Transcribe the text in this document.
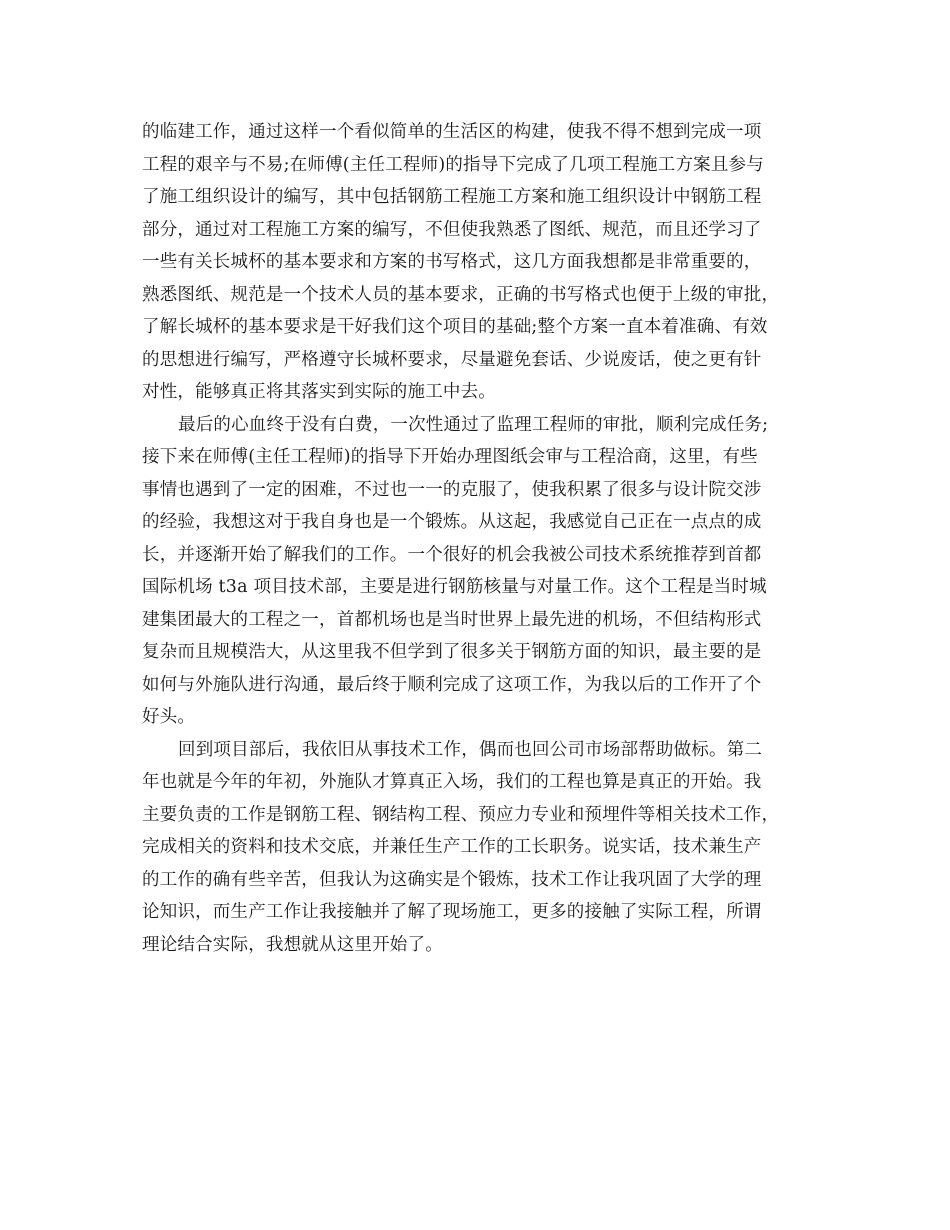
的临建工作，通过这样一个看似简单的生活区的构建，使我不得不想到完成一项
工程的艰辛与不易;在师傅(主任工程师)的指导下完成了几项工程施工方案且参与
了施工组织设计的编写，其中包括钢筋工程施工方案和施工组织设计中钢筋工程
部分，通过对工程施工方案的编写，不但使我熟悉了图纸、规范，而且还学习了
一些有关长城杯的基本要求和方案的书写格式，这几方面我想都是非常重要的，
熟悉图纸、规范是一个技术人员的基本要求，正确的书写格式也便于上级的审批，
了解长城杯的基本要求是干好我们这个项目的基础;整个方案一直本着准确、有效
的思想进行编写，严格遵守长城杯要求，尽量避免套话、少说废话，使之更有针
对性，能够真正将其落实到实际的施工中去。
最后的心血终于没有白费，一次性通过了监理工程师的审批，顺利完成任务;
接下来在师傅(主任工程师)的指导下开始办理图纸会审与工程洽商，这里，有些
事情也遇到了一定的困难，不过也一一的克服了，使我积累了很多与设计院交涉
的经验，我想这对于我自身也是一个锻炼。从这起，我感觉自己正在一点点的成
长，并逐渐开始了解我们的工作。一个很好的机会我被公司技术系统推荐到首都
国际机场 t3a 项目技术部，主要是进行钢筋核量与对量工作。这个工程是当时城
建集团最大的工程之一，首都机场也是当时世界上最先进的机场，不但结构形式
复杂而且规模浩大，从这里我不但学到了很多关于钢筋方面的知识，最主要的是
如何与外施队进行沟通，最后终于顺利完成了这项工作，为我以后的工作开了个
好头。
回到项目部后，我依旧从事技术工作，偶而也回公司市场部帮助做标。第二
年也就是今年的年初，外施队才算真正入场，我们的工程也算是真正的开始。我
主要负责的工作是钢筋工程、钢结构工程、预应力专业和预埋件等相关技术工作，
完成相关的资料和技术交底，并兼任生产工作的工长职务。说实话，技术兼生产
的工作的确有些辛苦，但我认为这确实是个锻炼，技术工作让我巩固了大学的理
论知识，而生产工作让我接触并了解了现场施工，更多的接触了实际工程，所谓
理论结合实际，我想就从这里开始了。
